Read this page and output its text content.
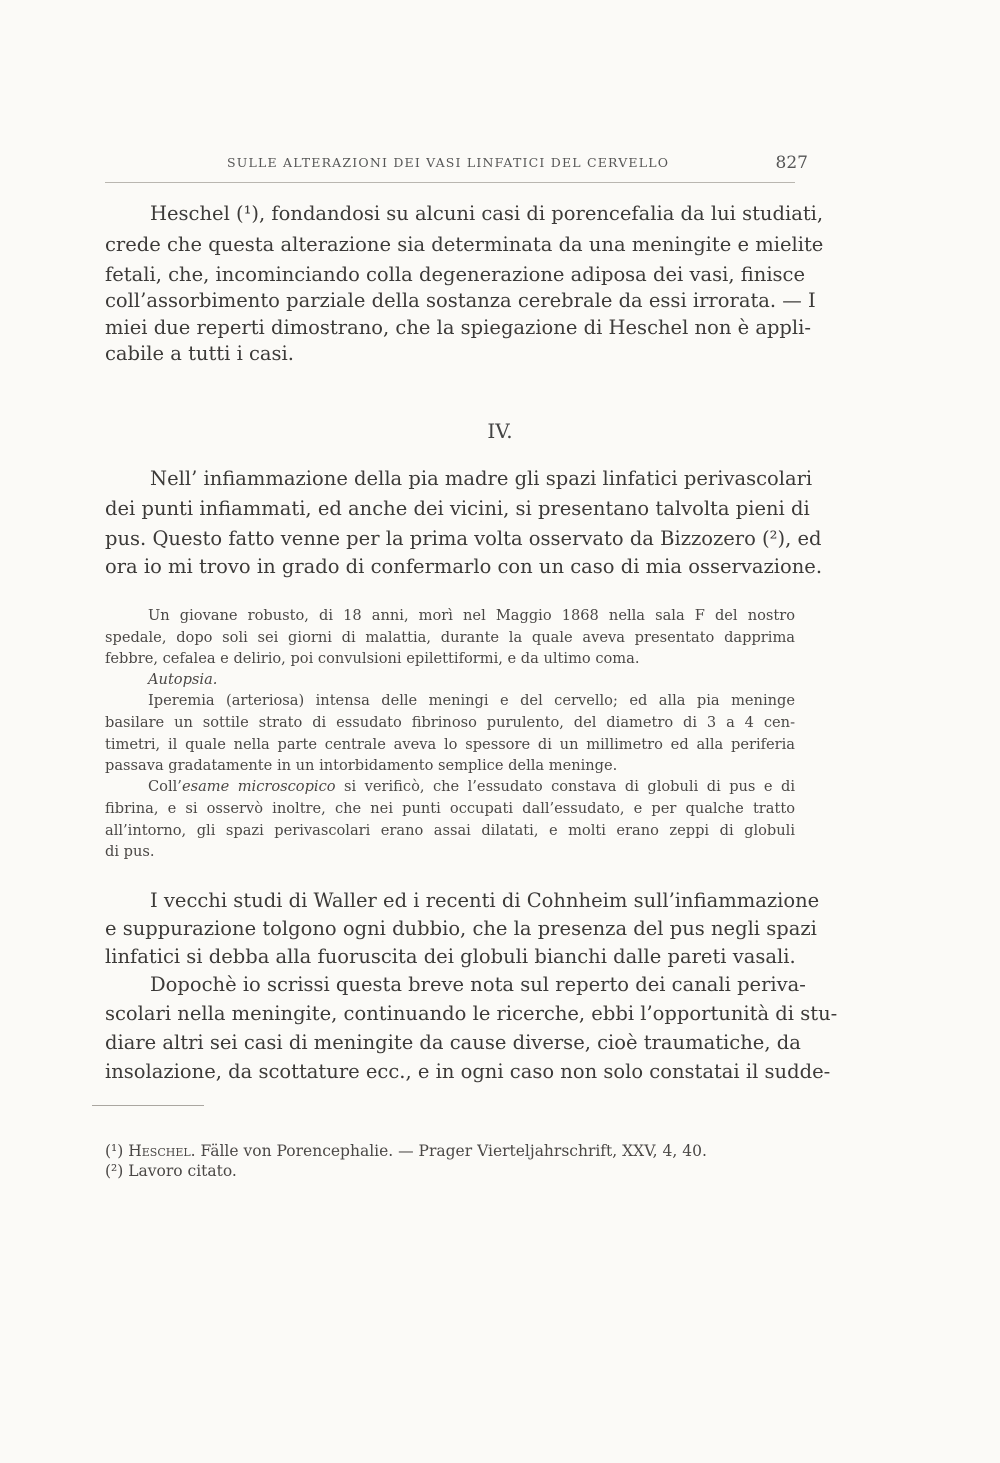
SULLE ALTERAZIONI DEI VASI LINFATICI DEL CERVELLO	827
Heschel (¹), fondandosi su alcuni casi di porencefalia da lui studiati,
crede che questa alterazione sia determinata da una meningite e mielite
fetali, che, incominciando colla degenerazione adiposa dei vasi, finisce
coll’assorbimento parziale della sostanza cerebrale da essi irrorata. — I
miei due reperti dimostrano, che la spiegazione di Heschel non è appli-
cabile a tutti i casi.
IV.
Nell’ infiammazione della pia madre gli spazi linfatici perivascolari
dei punti infiammati, ed anche dei vicini, si presentano talvolta pieni di
pus. Questo fatto venne per la prima volta osservato da Bizzozero (²), ed
ora io mi trovo in grado di confermarlo con un caso di mia osservazione.
Un giovane robusto, di 18 anni, morì nel Maggio 1868 nella sala F del nostro
spedale, dopo soli sei giorni di malattia, durante la quale aveva presentato dapprima
febbre, cefalea e delirio, poi convulsioni epilettiformi, e da ultimo coma.
Autopsia.
Iperemia (arteriosa) intensa delle meningi e del cervello; ed alla pia meninge
basilare un sottile strato di essudato fibrinoso purulento, del diametro di 3 a 4 cen-
timetri, il quale nella parte centrale aveva lo spessore di un millimetro ed alla periferia
passava gradatamente in un intorbidamento semplice della meninge.
Coll’esame microscopico si verificò, che l’essudato constava di globuli di pus e di
fibrina, e si osservò inoltre, che nei punti occupati dall’essudato, e per qualche tratto
all’intorno, gli spazi perivascolari erano assai dilatati, e molti erano zeppi di globuli
di pus.
I vecchi studi di Waller ed i recenti di Cohnheim sull’infiammazione
e suppurazione tolgono ogni dubbio, che la presenza del pus negli spazi
linfatici si debba alla fuoruscita dei globuli bianchi dalle pareti vasali.
Dopochè io scrissi questa breve nota sul reperto dei canali periva-
scolari nella meningite, continuando le ricerche, ebbi l’opportunità di stu-
diare altri sei casi di meningite da cause diverse, cioè traumatiche, da
insolazione, da scottature ecc., e in ogni caso non solo constatai il sudde-
(¹) Heschel. Fälle von Porencephalie. — Prager Vierteljahrschrift, XXV, 4, 40.
(²) Lavoro citato.
